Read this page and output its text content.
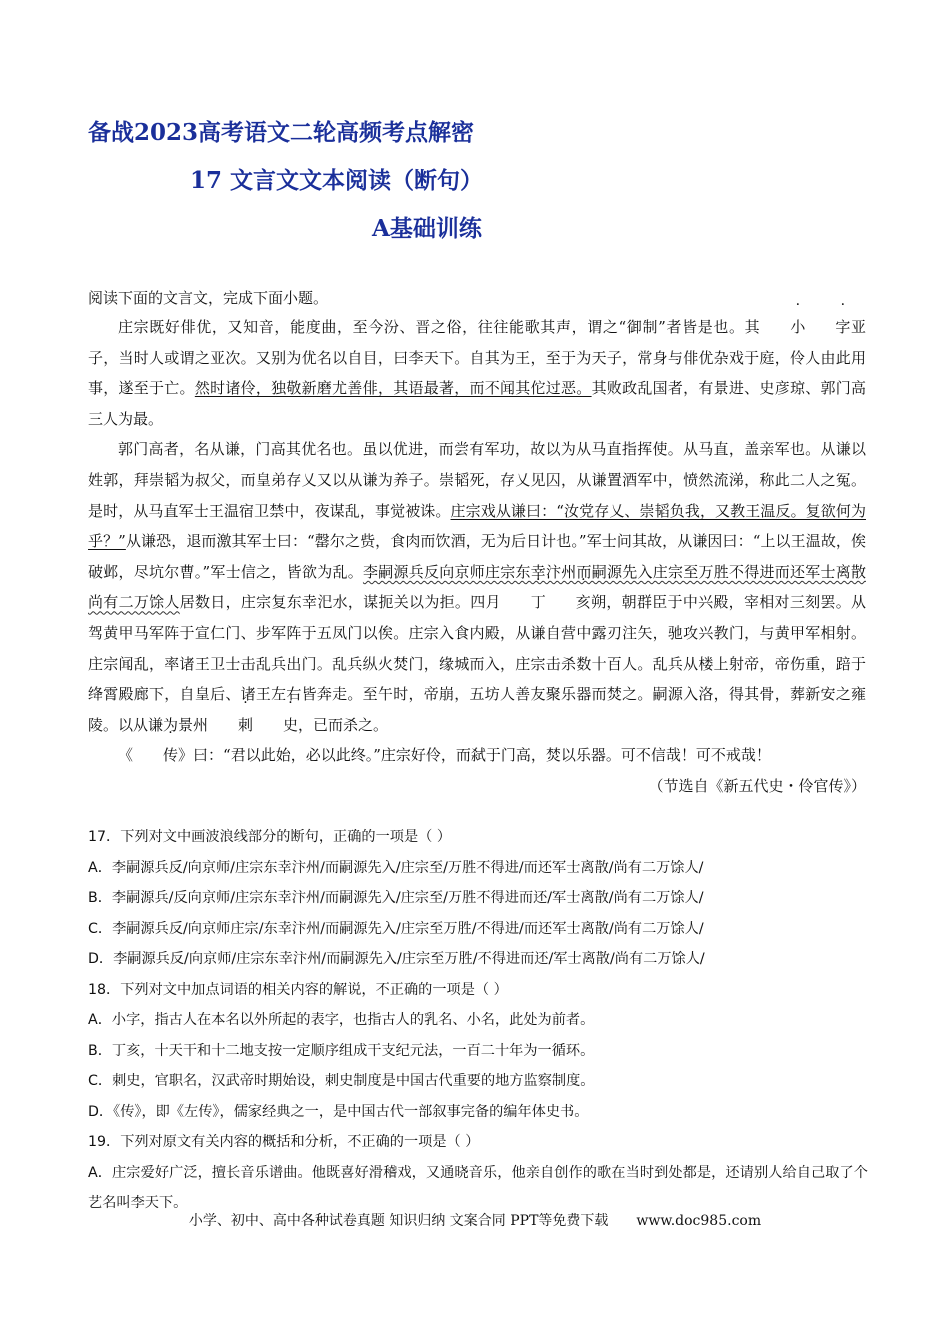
备战2023高考语文二轮高频考点解密
17 文言文文本阅读（断句）
A基础训练
阅读下面的文言文，完成下面小题。

庄宗既好俳优，又知音，能度曲，至今汾、晋之俗，往往能歌其声，谓之“御制”者皆是也。其 小 字亚子，当时人或谓之亚次。又别为优名以自目，曰李天下。自其为王，至于为天子，常身与俳优杂戏于庭，伶人由此用事，遂至于亡。然时诸伶，独敬新磨尤善俳，其语最著，而不闻其佗过恶。其败政乱国者，有景进、史彦琼、郭门高三人为最。

郭门高者，名从谦，门高其优名也。虽以优进，而尝有军功，故以为从马直指挥使。从马直，盖亲军也。从谦以姓郭，拜崇韬为叔父，而皇弟存乂又以从谦为养子。崇韬死，存乂见囚，从谦置酒军中，愤然流涕，称此二人之冤。是时，从马直军士王温宿卫禁中，夜谋乱，事觉被诛。庄宗戏从谦曰：“汝党存乂、崇韬负我，又教王温反。复欲何为乎？”从谦恐，退而激其军士曰：“罄尔之赀，食肉而饮酒，无为后日计也。”军士问其故，从谦因曰：“上以王温故，俟破邺，尽坑尔曹。”军士信之，皆欲为乱。李嗣源兵反向京师庄宗东幸汴州而嗣源先入庄宗至万胜不得进而还军士离散尚有二万馀人居数日，庄宗复东幸汜水，谋扼关以为拒。四月 丁 亥朔，朝群臣于中兴殿，宰相对三刻罢。从驾黄甲马军阵于宣仁门、步军阵于五凤门以俟。庄宗入食内殿，从谦自营中露刃注矢，驰攻兴教门，与黄甲军相射。庄宗闻乱，率诸王卫士击乱兵出门。乱兵纵火焚门，缘城而入，庄宗击杀数十百人。乱兵从楼上射帝，帝伤重，踣于绛霄殿廊下，自皇后、诸王左右皆奔走。至午时，帝崩，五坊人善友聚乐器而焚之。嗣源入洛，得其骨，葬新安之雍陵。以从谦为景州 刺 史，已而杀之。

《 传》曰：“君以此始，必以此终。”庄宗好伶，而弑于门高，焚以乐器。可不信哉！可不戒哉！

（节选自《新五代史・伶官传》）

17．下列对文中画波浪线部分的断句，正确的一项是（ ）
A．李嗣源兵反/向京师/庄宗东幸汴州/而嗣源先入/庄宗至/万胜不得进/而还军士离散/尚有二万馀人/
B．李嗣源兵/反向京师/庄宗东幸汴州/而嗣源先入/庄宗至/万胜不得进而还/军士离散/尚有二万馀人/
C．李嗣源兵反/向京师庄宗/东幸汴州/而嗣源先入/庄宗至万胜/不得进/而还军士离散/尚有二万馀人/
D．李嗣源兵反/向京师/庄宗东幸汴州/而嗣源先入/庄宗至万胜/不得进而还/军士离散/尚有二万馀人/
18．下列对文中加点词语的相关内容的解说，不正确的一项是（ ）
A．小字，指古人在本名以外所起的表字，也指古人的乳名、小名，此处为前者。
B．丁亥，十天干和十二地支按一定顺序组成干支纪元法，一百二十年为一循环。
C．刺史，官职名，汉武帝时期始设，刺史制度是中国古代重要的地方监察制度。
D．《传》，即《左传》，儒家经典之一，是中国古代一部叙事完备的编年体史书。
19．下列对原文有关内容的概括和分析，不正确的一项是（ ）
A．庄宗爱好广泛，擅长音乐谱曲。他既喜好滑稽戏，又通晓音乐，他亲自创作的歌在当时到处都是，还请别人给自己取了个艺名叫李天下。
小学、初中、高中各种试卷真题 知识归纳 文案合同 PPT等免费下载 www.doc985.com
